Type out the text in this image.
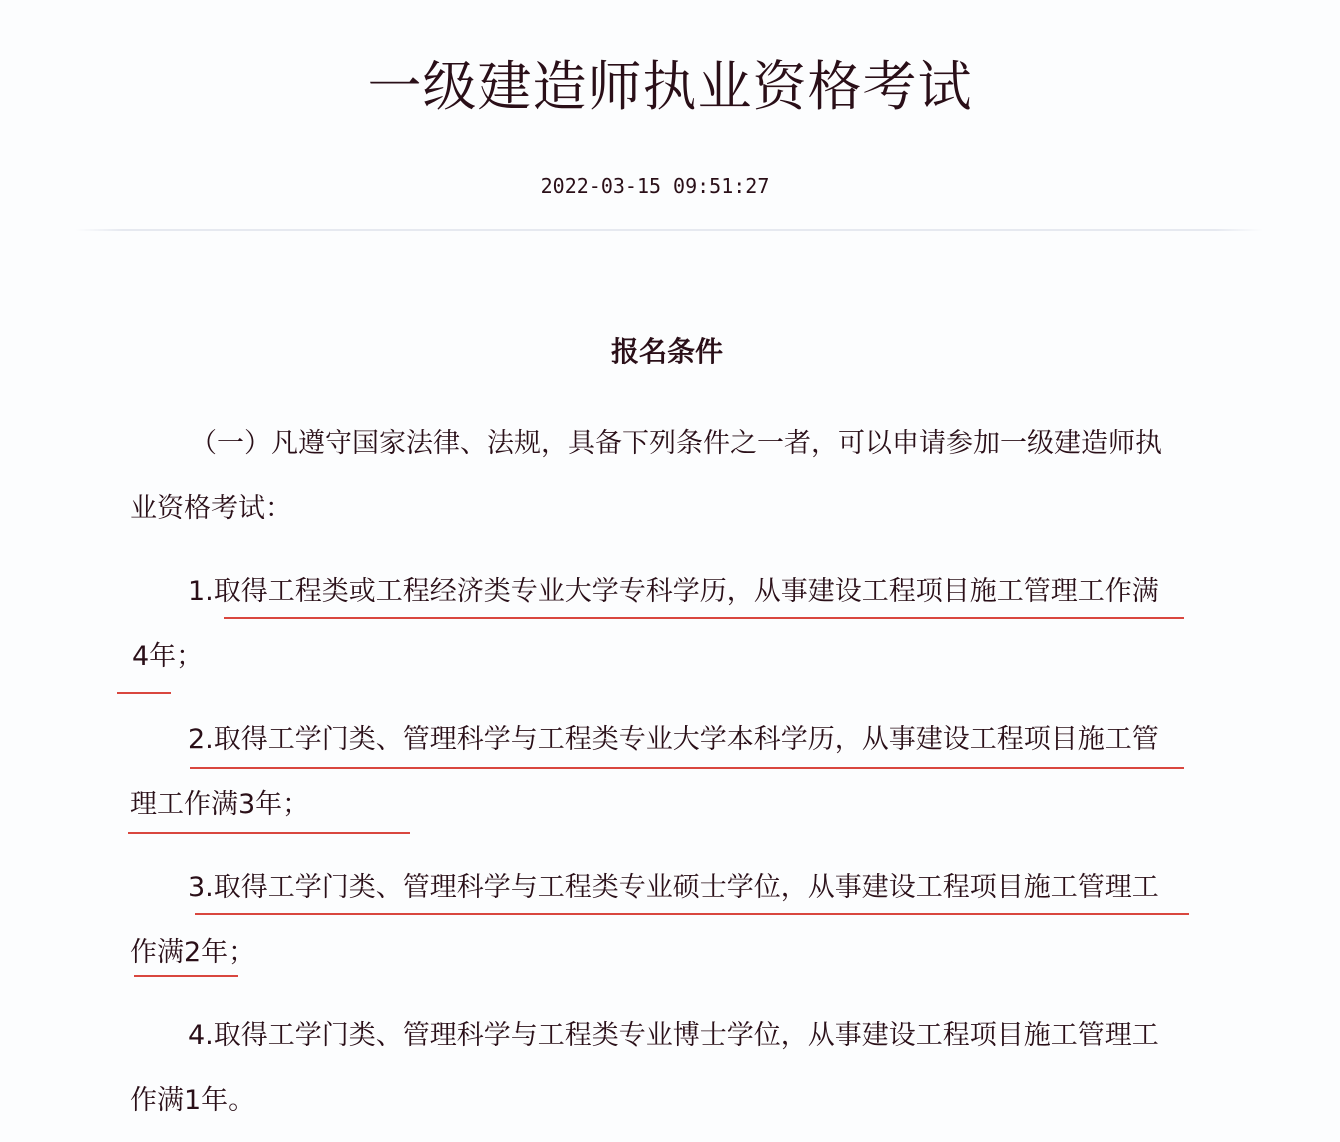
一级建造师执业资格考试
2022-03-15 09:51:27
报名条件
（一）凡遵守国家法律、法规，具备下列条件之一者，可以申请参加一级建造师执
业资格考试：
1.取得工程类或工程经济类专业大学专科学历，从事建设工程项目施工管理工作满
4年；
2.取得工学门类、管理科学与工程类专业大学本科学历，从事建设工程项目施工管
理工作满3年；
3.取得工学门类、管理科学与工程类专业硕士学位，从事建设工程项目施工管理工
作满2年；
4.取得工学门类、管理科学与工程类专业博士学位，从事建设工程项目施工管理工
作满1年。
